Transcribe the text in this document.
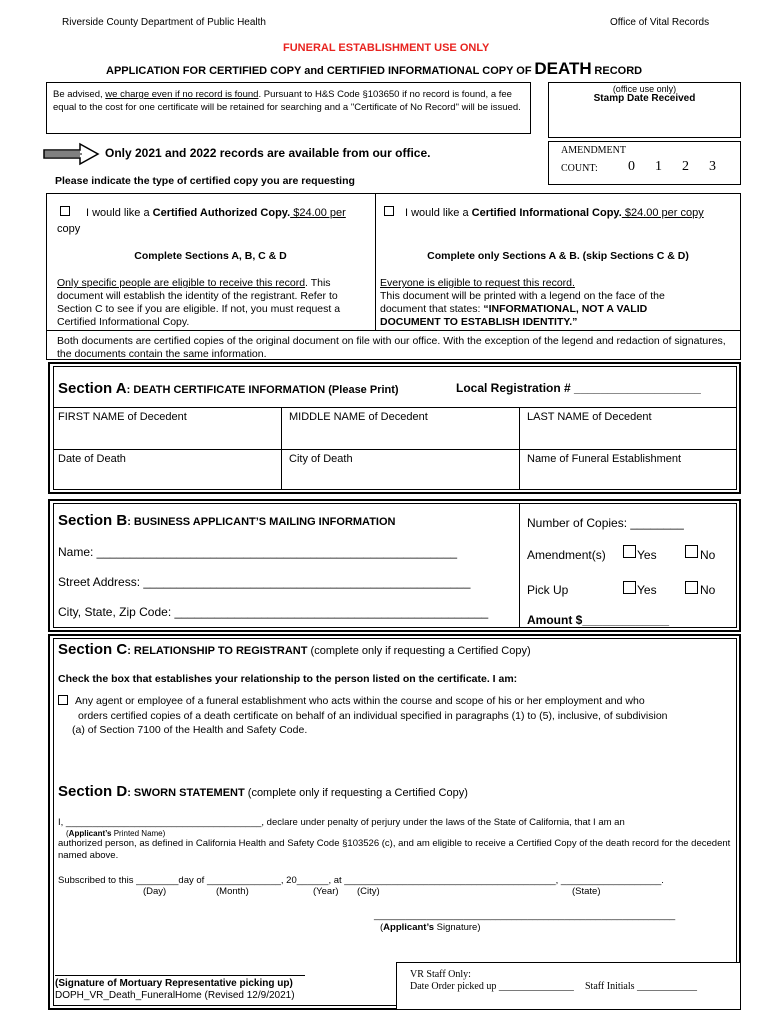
Riverside County Department of Public Health	Office of Vital Records
FUNERAL ESTABLISHMENT USE ONLY
APPLICATION FOR CERTIFIED COPY and CERTIFIED INFORMATIONAL COPY OF DEATH RECORD
Be advised, we charge even if no record is found. Pursuant to H&S Code §103650 if no record is found, a fee equal to the cost for one certificate will be retained for searching and a "Certificate of No Record" will be issued.
(office use only)
Stamp Date Received
Only 2021 and 2022 records are available from our office.	AMENDMENT
COUNT: 0 1 2 3
Please indicate the type of certified copy you are requesting
I would like a Certified Authorized Copy. $24.00 per
copy
Complete Sections A, B, C & D
Only specific people are eligible to receive this record. This document will establish the identity of the registrant. Refer to Section C to see if you are eligible. If not, you must request a Certified Informational Copy.
I would like a Certified Informational Copy. $24.00 per copy
Complete only Sections A & B. (skip Sections C & D)
Everyone is eligible to request this record.
This document will be printed with a legend on the face of the document that states: “INFORMATIONAL, NOT A VALID DOCUMENT TO ESTABLISH IDENTITY.”
Both documents are certified copies of the original document on file with our office. With the exception of the legend and redaction of signatures, the documents contain the same information.
Section A: DEATH CERTIFICATE INFORMATION (Please Print)	Local Registration # ___________________
FIRST NAME of Decedent	MIDDLE NAME of Decedent	LAST NAME of Decedent
Date of Death	City of Death	Name of Funeral Establishment
Section B: BUSINESS APPLICANT’S MAILING INFORMATION
Name: ______________________________________________________
Street Address: _________________________________________________
City, State, Zip Code: _______________________________________________
Number of Copies: ________
Amendment(s)	Yes	No
Pick Up	Yes	No
Amount $_____________
Section C: RELATIONSHIP TO REGISTRANT (complete only if requesting a Certified Copy)
Check the box that establishes your relationship to the person listed on the certificate. I am:
Any agent or employee of a funeral establishment who acts within the course and scope of his or her employment and who
orders certified copies of a death certificate on behalf of an individual specified in paragraphs (1) to (5), inclusive, of subdivision
(a) of Section 7100 of the Health and Safety Code.
Section D: SWORN STATEMENT (complete only if requesting a Certified Copy)
I, _____________________________________, declare under penalty of perjury under the laws of the State of California, that I am an
(Applicant’s Printed Name)
authorized person, as defined in California Health and Safety Code §103526 (c), and am eligible to receive a Certified Copy of the death record for the decedent named above.
Subscribed to this ________day of ______________, 20______, at ________________________________________, ___________________.
(Day)	(Month)	(Year) (City)	(State)
_________________________________________________________
(Applicant’s Signature)
(Signature of Mortuary Representative picking up)
DOPH_VR_Death_FuneralHome (Revised 12/9/2021)
VR Staff Only:
Date Order picked up _______________ Staff Initials ____________
